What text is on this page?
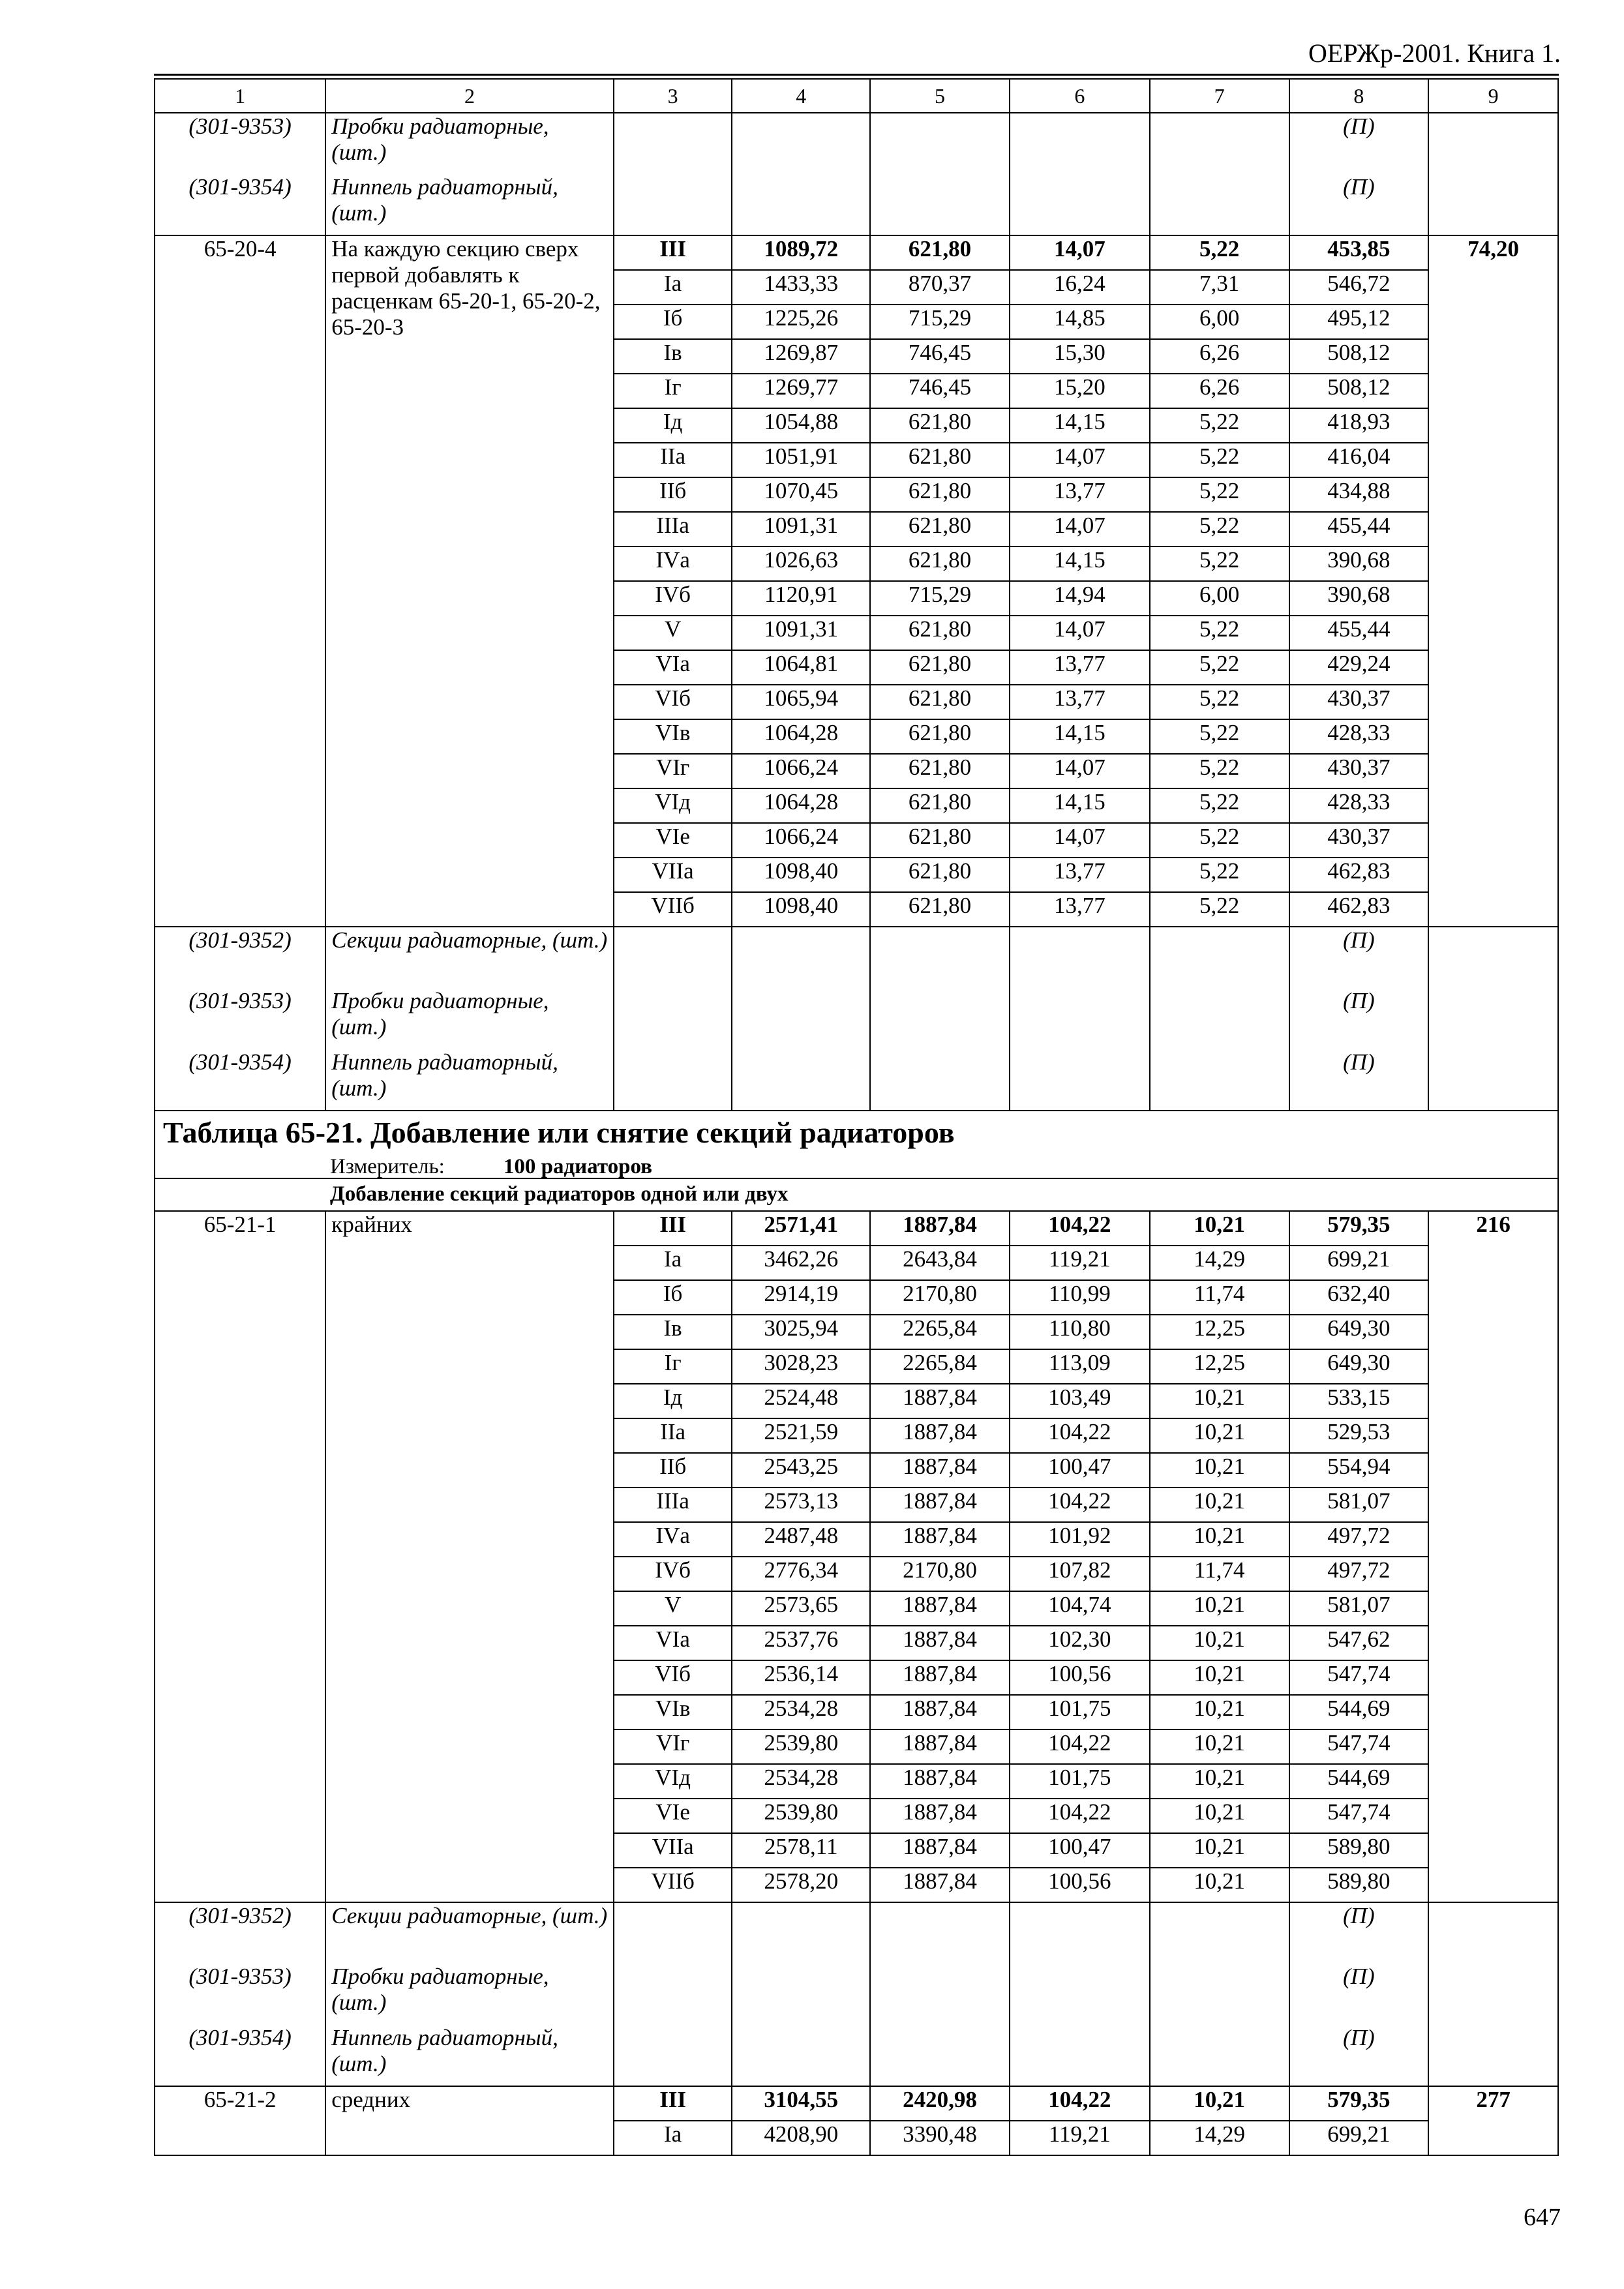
ОЕРЖр-2001. Книга 1.
1	2	3	4	5	6	7	8	9
(301-9353)	Пробки радиаторные, (шт.)						(П)	
(301-9354)	Ниппель радиаторный, (шт.)						(П)	
65-20-4	На каждую секцию сверх первой добавлять к расценкам 65-20-1, 65-20-2, 65-20-3	III	1089,72	621,80	14,07	5,22	453,85	74,20
		Iа	1433,33	870,37	16,24	7,31	546,72	
		Iб	1225,26	715,29	14,85	6,00	495,12	
		Iв	1269,87	746,45	15,30	6,26	508,12	
		Iг	1269,77	746,45	15,20	6,26	508,12	
		Iд	1054,88	621,80	14,15	5,22	418,93	
		IIа	1051,91	621,80	14,07	5,22	416,04	
		IIб	1070,45	621,80	13,77	5,22	434,88	
		IIIа	1091,31	621,80	14,07	5,22	455,44	
		IVа	1026,63	621,80	14,15	5,22	390,68	
		IVб	1120,91	715,29	14,94	6,00	390,68	
		V	1091,31	621,80	14,07	5,22	455,44	
		VIа	1064,81	621,80	13,77	5,22	429,24	
		VIб	1065,94	621,80	13,77	5,22	430,37	
		VIв	1064,28	621,80	14,15	5,22	428,33	
		VIг	1066,24	621,80	14,07	5,22	430,37	
		VIд	1064,28	621,80	14,15	5,22	428,33	
		VIе	1066,24	621,80	14,07	5,22	430,37	
		VIIа	1098,40	621,80	13,77	5,22	462,83	
		VIIб	1098,40	621,80	13,77	5,22	462,83	
(301-9352)	Секции радиаторные, (шт.)						(П)	
(301-9353)	Пробки радиаторные, (шт.)						(П)	
(301-9354)	Ниппель радиаторный, (шт.)						(П)	

Таблица 65-21. Добавление или снятие секций радиаторов								

Измеритель: 100 радиаторов								

Добавление секций радиаторов одной или двух								

65-21-1	крайних	III	2571,41	1887,84	104,22	10,21	579,35	216
		Iа	3462,26	2643,84	119,21	14,29	699,21	
		Iб	2914,19	2170,80	110,99	11,74	632,40	
		Iв	3025,94	2265,84	110,80	12,25	649,30	
		Iг	3028,23	2265,84	113,09	12,25	649,30	
		Iд	2524,48	1887,84	103,49	10,21	533,15	
		IIа	2521,59	1887,84	104,22	10,21	529,53	
		IIб	2543,25	1887,84	100,47	10,21	554,94	
		IIIа	2573,13	1887,84	104,22	10,21	581,07	
		IVа	2487,48	1887,84	101,92	10,21	497,72	
		IVб	2776,34	2170,80	107,82	11,74	497,72	
		V	2573,65	1887,84	104,74	10,21	581,07	
		VIа	2537,76	1887,84	102,30	10,21	547,62	
		VIб	2536,14	1887,84	100,56	10,21	547,74	
		VIв	2534,28	1887,84	101,75	10,21	544,69	
		VIг	2539,80	1887,84	104,22	10,21	547,74	
		VIд	2534,28	1887,84	101,75	10,21	544,69	
		VIе	2539,80	1887,84	104,22	10,21	547,74	
		VIIа	2578,11	1887,84	100,47	10,21	589,80	
		VIIб	2578,20	1887,84	100,56	10,21	589,80	
(301-9352)	Секции радиаторные, (шт.)						(П)	
(301-9353)	Пробки радиаторные, (шт.)						(П)	
(301-9354)	Ниппель радиаторный, (шт.)						(П)	
65-21-2	средних	III	3104,55	2420,98	104,22	10,21	579,35	277
		Iа	4208,90	3390,48	119,21	14,29	699,21	
647
